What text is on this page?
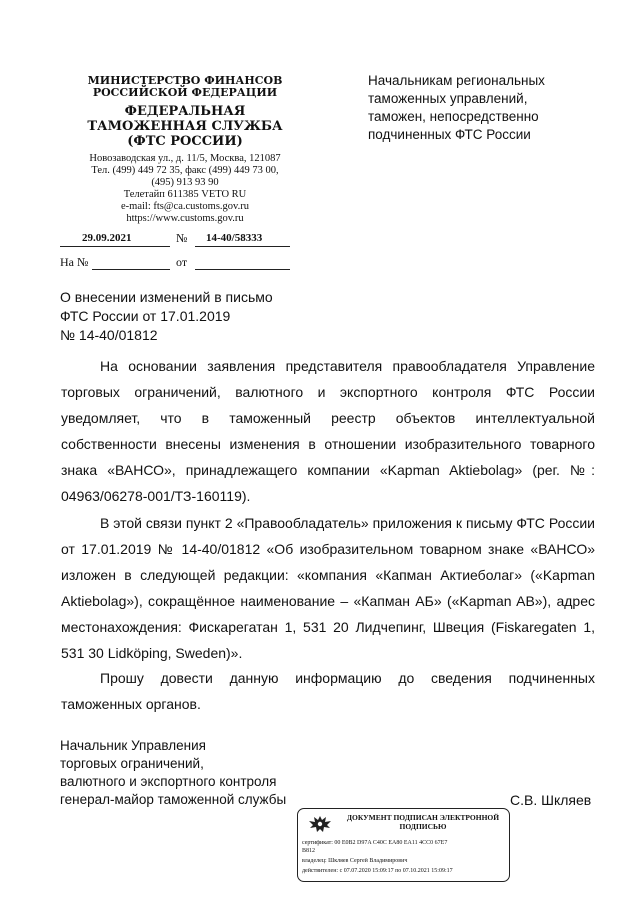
МИНИСТЕРСТВО ФИНАНСОВ
РОССИЙСКОЙ ФЕДЕРАЦИИ
ФЕДЕРАЛЬНАЯ
ТАМОЖЕННАЯ СЛУЖБА
(ФТС РОССИИ)
Новозаводская ул., д. 11/5, Москва, 121087
Тел. (499) 449 72 35, факс (499) 449 73 00,
(495) 913 93 90
Телетайп 611385 VETO RU
e-mail: fts@ca.customs.gov.ru
https://www.customs.gov.ru
29.09.2021	№ 14-40/58333
На №	от
Начальникам региональных
таможенных управлений,
таможен, непосредственно
подчиненных ФТС России
О внесении изменений в письмо
ФТС России от 17.01.2019
№ 14-40/01812
На основании заявления представителя правообладателя Управление торговых ограничений, валютного и экспортного контроля ФТС России уведомляет, что в таможенный реестр объектов интеллектуальной собственности внесены изменения в отношении изобразительного товарного знака «ВАНСО», принадлежащего компании «Kapman Aktiebolag» (рег. №: 04963/06278-001/ТЗ-160119).
В этой связи пункт 2 «Правообладатель» приложения к письму ФТС России от 17.01.2019 № 14-40/01812 «Об изобразительном товарном знаке «ВАНСО» изложен в следующей редакции: «компания «Капман Актиеболаг» («Kapman Aktiebolag»), сокращённое наименование – «Капман АБ» («Kapman AB»), адрес местонахождения: Фискарегатан 1, 531 20 Лидчепинг, Швеция (Fiskaregaten 1, 531 30 Lidköping, Sweden)».
Прошу довести данную информацию до сведения подчиненных таможенных органов.
Начальник Управления
торговых ограничений,
валютного и экспортного контроля
генерал-майор таможенной службы	С.В. Шкляев
ДОКУМЕНТ ПОДПИСАН ЭЛЕКТРОННОЙ
ПОДПИСЬЮ
сертификат: 00 E0B2 D97A C40C EA80 EA11 4CC0 67E7
B812
владелец: Шкляев Сергей Владимирович
действителен: с 07.07.2020 15:09:17 по 07.10.2021 15:09:17
